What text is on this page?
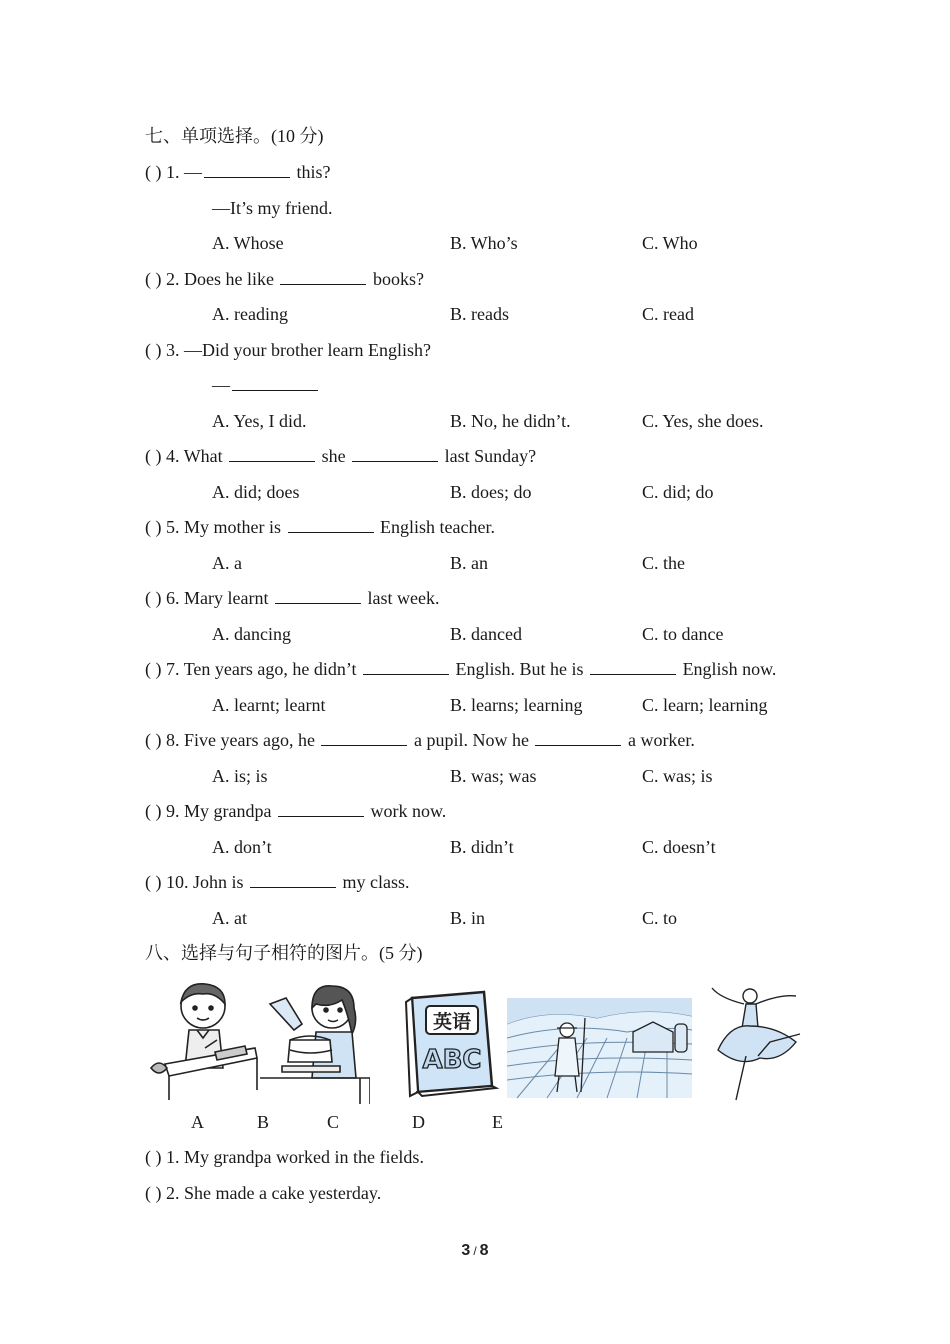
七、单项选择。(10 分)
( ) 1. —	this?
—It’s my friend.
A. Whose	B. Who’s	C. Who
( ) 2. Does he like	books?
A. reading	B. reads	C. read
( ) 3. —Did your brother learn English?
—
A. Yes, I did.	B. No, he didn’t.	C. Yes, she does.
( ) 4. What	she	last Sunday?
A. did; does	B. does; do	C. did; do
( ) 5. My mother is	English teacher.
A. a	B. an	C. the
( ) 6. Mary learnt	last week.
A. dancing	B. danced	C. to dance
( ) 7. Ten years ago, he didn’t	English. But he is	English now.
A. learnt; learnt	B. learns; learning	C. learn; learning
( ) 8. Five years ago, he	a pupil. Now he	a worker.
A. is; is	B. was; was	C. was; is
( ) 9. My grandpa	work now.
A. don’t	B. didn’t	C. doesn’t
( ) 10. John is	my class.
A. at	B. in	C. to
八、选择与句子相符的图片。(5 分)
英语
ABC
A	B	C	D	E
( ) 1. My grandpa worked in the fields.
( ) 2. She made a cake yesterday.
3 / 8
